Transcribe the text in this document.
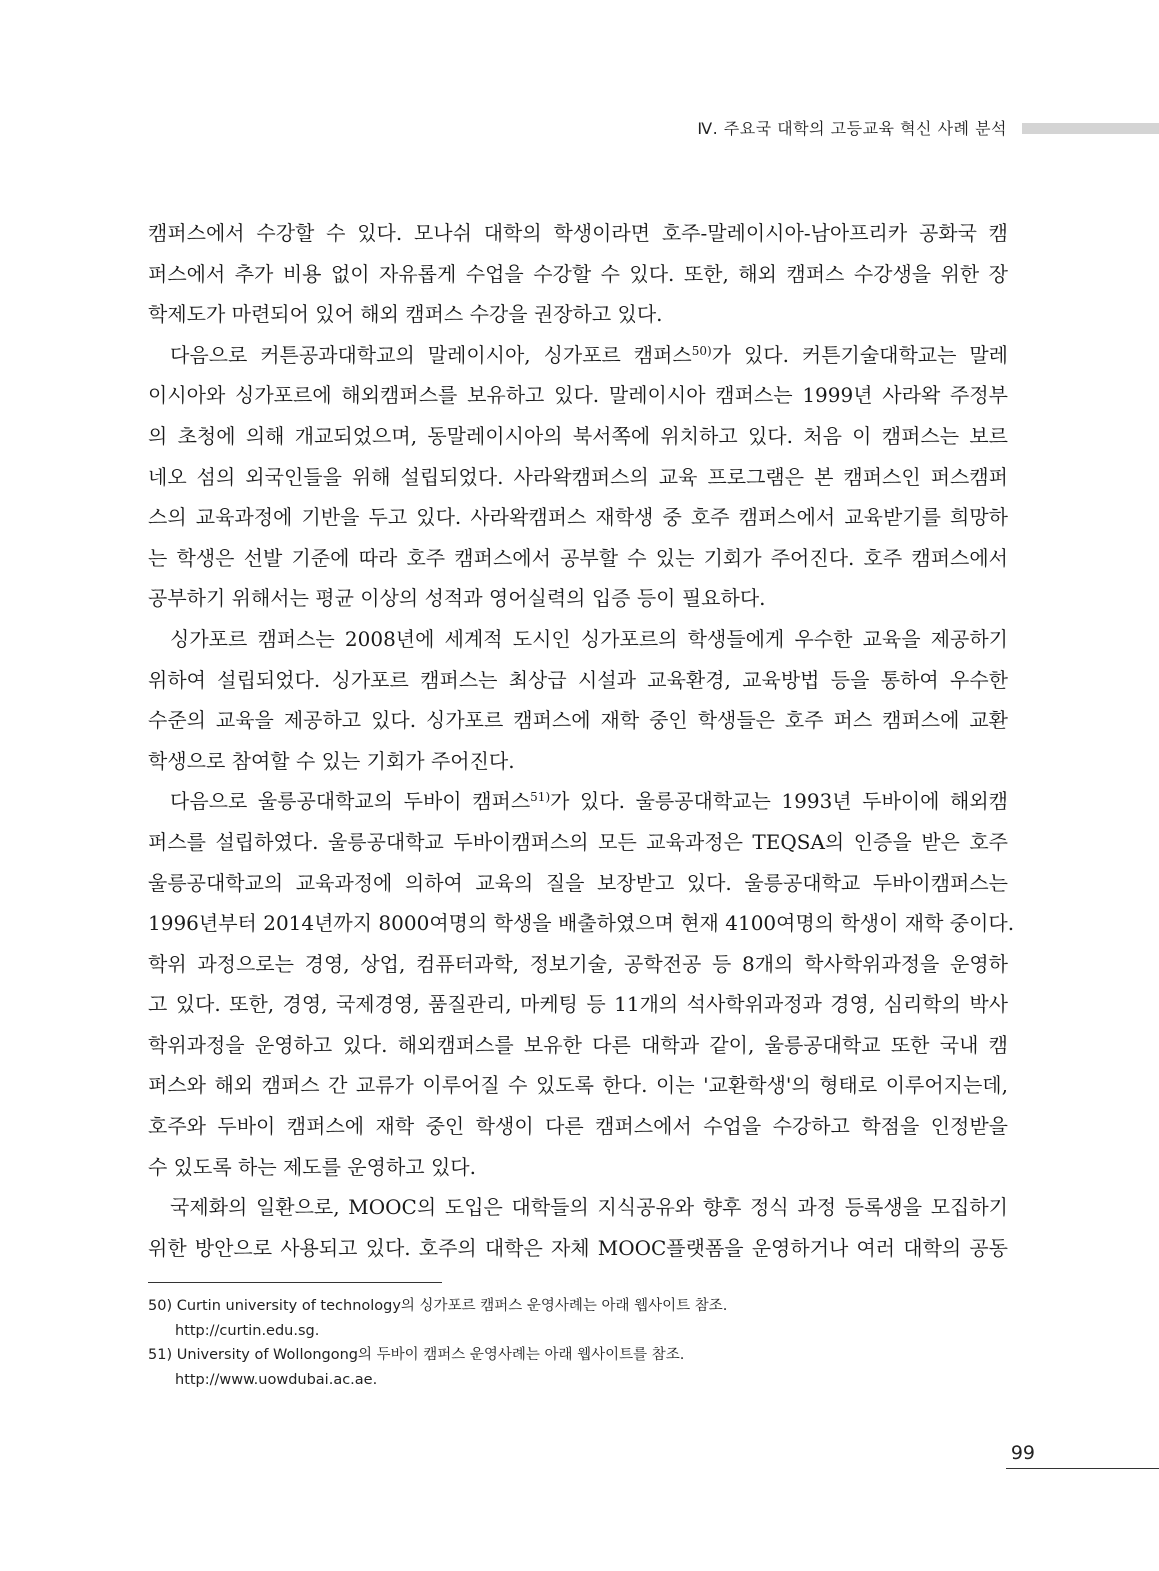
Ⅳ. 주요국 대학의 고등교육 혁신 사례 분석
캠퍼스에서 수강할 수 있다. 모나쉬 대학의 학생이라면 호주-말레이시아-남아프리카 공화국 캠
퍼스에서 추가 비용 없이 자유롭게 수업을 수강할 수 있다. 또한, 해외 캠퍼스 수강생을 위한 장
학제도가 마련되어 있어 해외 캠퍼스 수강을 권장하고 있다.
다음으로 커튼공과대학교의 말레이시아, 싱가포르 캠퍼스$^{50)}$가 있다. 커튼기술대학교는 말레
이시아와 싱가포르에 해외캠퍼스를 보유하고 있다. 말레이시아 캠퍼스는 1999년 사라왁 주정부
의 초청에 의해 개교되었으며, 동말레이시아의 북서쪽에 위치하고 있다. 처음 이 캠퍼스는 보르
네오 섬의 외국인들을 위해 설립되었다. 사라왁캠퍼스의 교육 프로그램은 본 캠퍼스인 퍼스캠퍼
스의 교육과정에 기반을 두고 있다. 사라왁캠퍼스 재학생 중 호주 캠퍼스에서 교육받기를 희망하
는 학생은 선발 기준에 따라 호주 캠퍼스에서 공부할 수 있는 기회가 주어진다. 호주 캠퍼스에서
공부하기 위해서는 평균 이상의 성적과 영어실력의 입증 등이 필요하다.
싱가포르 캠퍼스는 2008년에 세계적 도시인 싱가포르의 학생들에게 우수한 교육을 제공하기
위하여 설립되었다. 싱가포르 캠퍼스는 최상급 시설과 교육환경, 교육방법 등을 통하여 우수한
수준의 교육을 제공하고 있다. 싱가포르 캠퍼스에 재학 중인 학생들은 호주 퍼스 캠퍼스에 교환
학생으로 참여할 수 있는 기회가 주어진다.
다음으로 울릉공대학교의 두바이 캠퍼스$^{51)}$가 있다. 울릉공대학교는 1993년 두바이에 해외캠
퍼스를 설립하였다. 울릉공대학교 두바이캠퍼스의 모든 교육과정은 TEQSA의 인증을 받은 호주
울릉공대학교의 교육과정에 의하여 교육의 질을 보장받고 있다. 울릉공대학교 두바이캠퍼스는
1996년부터 2014년까지 8000여명의 학생을 배출하였으며 현재 4100여명의 학생이 재학 중이다.
학위 과정으로는 경영, 상업, 컴퓨터과학, 정보기술, 공학전공 등 8개의 학사학위과정을 운영하
고 있다. 또한, 경영, 국제경영, 품질관리, 마케팅 등 11개의 석사학위과정과 경영, 심리학의 박사
학위과정을 운영하고 있다. 해외캠퍼스를 보유한 다른 대학과 같이, 울릉공대학교 또한 국내 캠
퍼스와 해외 캠퍼스 간 교류가 이루어질 수 있도록 한다. 이는 '교환학생'의 형태로 이루어지는데,
호주와 두바이 캠퍼스에 재학 중인 학생이 다른 캠퍼스에서 수업을 수강하고 학점을 인정받을
수 있도록 하는 제도를 운영하고 있다.
국제화의 일환으로, MOOC의 도입은 대학들의 지식공유와 향후 정식 과정 등록생을 모집하기
위한 방안으로 사용되고 있다. 호주의 대학은 자체 MOOC플랫폼을 운영하거나 여러 대학의 공동
50) Curtin university of technology의 싱가포르 캠퍼스 운영사례는 아래 웹사이트 참조.
http://curtin.edu.sg.
51) University of Wollongong의 두바이 캠퍼스 운영사례는 아래 웹사이트를 참조.
http://www.uowdubai.ac.ae.
99
